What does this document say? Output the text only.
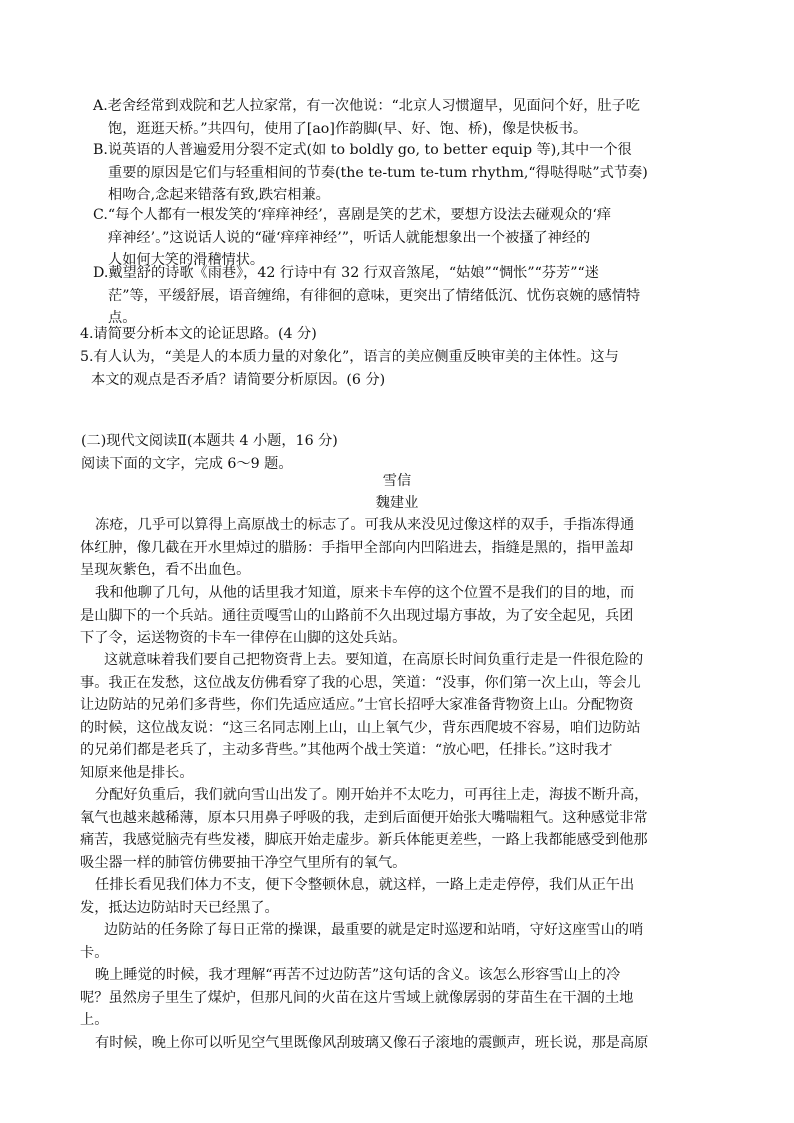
A.老舍经常到戏院和艺人拉家常，有一次他说：“北京人习惯遛早，见面问个好，肚子吃
饱，逛逛天桥。”共四句，使用了[ao]作韵脚(早、好、饱、桥)，像是快板书。
B.说英语的人普遍爱用分裂不定式(如 to boldly go, to better equip 等),其中一个很
重要的原因是它们与轻重相间的节奏(the te-tum te-tum rhythm,“得哒得哒”式节奏)
相吻合,念起来错落有致,跌宕相兼。
C.“每个人都有一根发笑的‘痒痒神经’，喜剧是笑的艺术，要想方设法去碰观众的‘痒
痒神经’。”这说话人说的“碰‘痒痒神经’”，听话人就能想象出一个被搔了神经的
人如何大笑的滑稽情状。
D.戴望舒的诗歌《雨巷》，42 行诗中有 32 行双音煞尾，“姑娘”“惆怅”“芬芳”“迷
茫”等，平缓舒展，语音缠绵，有徘徊的意味，更突出了情绪低沉、忧伤哀婉的感情特
点。
4.请简要分析本文的论证思路。(4 分)
5.有人认为，“美是人的本质力量的对象化”，语言的美应侧重反映审美的主体性。这与
本文的观点是否矛盾？请简要分析原因。(6 分)
(二)现代文阅读Ⅱ(本题共 4 小题，16 分)
阅读下面的文字，完成 6～9 题。
雪信
魏建业
冻疮，几乎可以算得上高原战士的标志了。可我从来没见过像这样的双手，手指冻得通
体红肿，像几截在开水里焯过的腊肠：手指甲全部向内凹陷进去，指缝是黑的，指甲盖却
呈现灰紫色，看不出血色。
我和他聊了几句，从他的话里我才知道，原来卡车停的这个位置不是我们的目的地，而
是山脚下的一个兵站。通往贡嘎雪山的山路前不久出现过塌方事故，为了安全起见，兵团
下了令，运送物资的卡车一律停在山脚的这处兵站。
这就意味着我们要自己把物资背上去。要知道，在高原长时间负重行走是一件很危险的
事。我正在发愁，这位战友仿佛看穿了我的心思，笑道：“没事，你们第一次上山，等会儿
让边防站的兄弟们多背些，你们先适应适应。”士官长招呼大家准备背物资上山。分配物资
的时候，这位战友说：“这三名同志刚上山，山上氧气少，背东西爬坡不容易，咱们边防站
的兄弟们都是老兵了，主动多背些。”其他两个战士笑道：“放心吧，任排长。”这时我才
知原来他是排长。
分配好负重后，我们就向雪山出发了。刚开始并不太吃力，可再往上走，海拔不断升高，
氧气也越来越稀薄，原本只用鼻子呼吸的我，走到后面便开始张大嘴喘粗气。这种感觉非常
痛苦，我感觉脑壳有些发褛，脚底开始走虚步。新兵体能更差些，一路上我都能感受到他那
吸尘器一样的肺管仿佛要抽干净空气里所有的氧气。
任排长看见我们体力不支，便下令整顿休息，就这样，一路上走走停停，我们从正午出
发，抵达边防站时天已经黑了。
边防站的任务除了每日正常的操课，最重要的就是定时巡逻和站哨，守好这座雪山的哨
卡。
晚上睡觉的时候，我才理解“再苦不过边防苦”这句话的含义。该怎么形容雪山上的冷
呢？虽然房子里生了煤炉，但那凡间的火苗在这片雪域上就像孱弱的芽苗生在干涸的土地
上。
有时候，晚上你可以听见空气里既像风刮玻璃又像石子滚地的震颤声，班长说，那是高原
